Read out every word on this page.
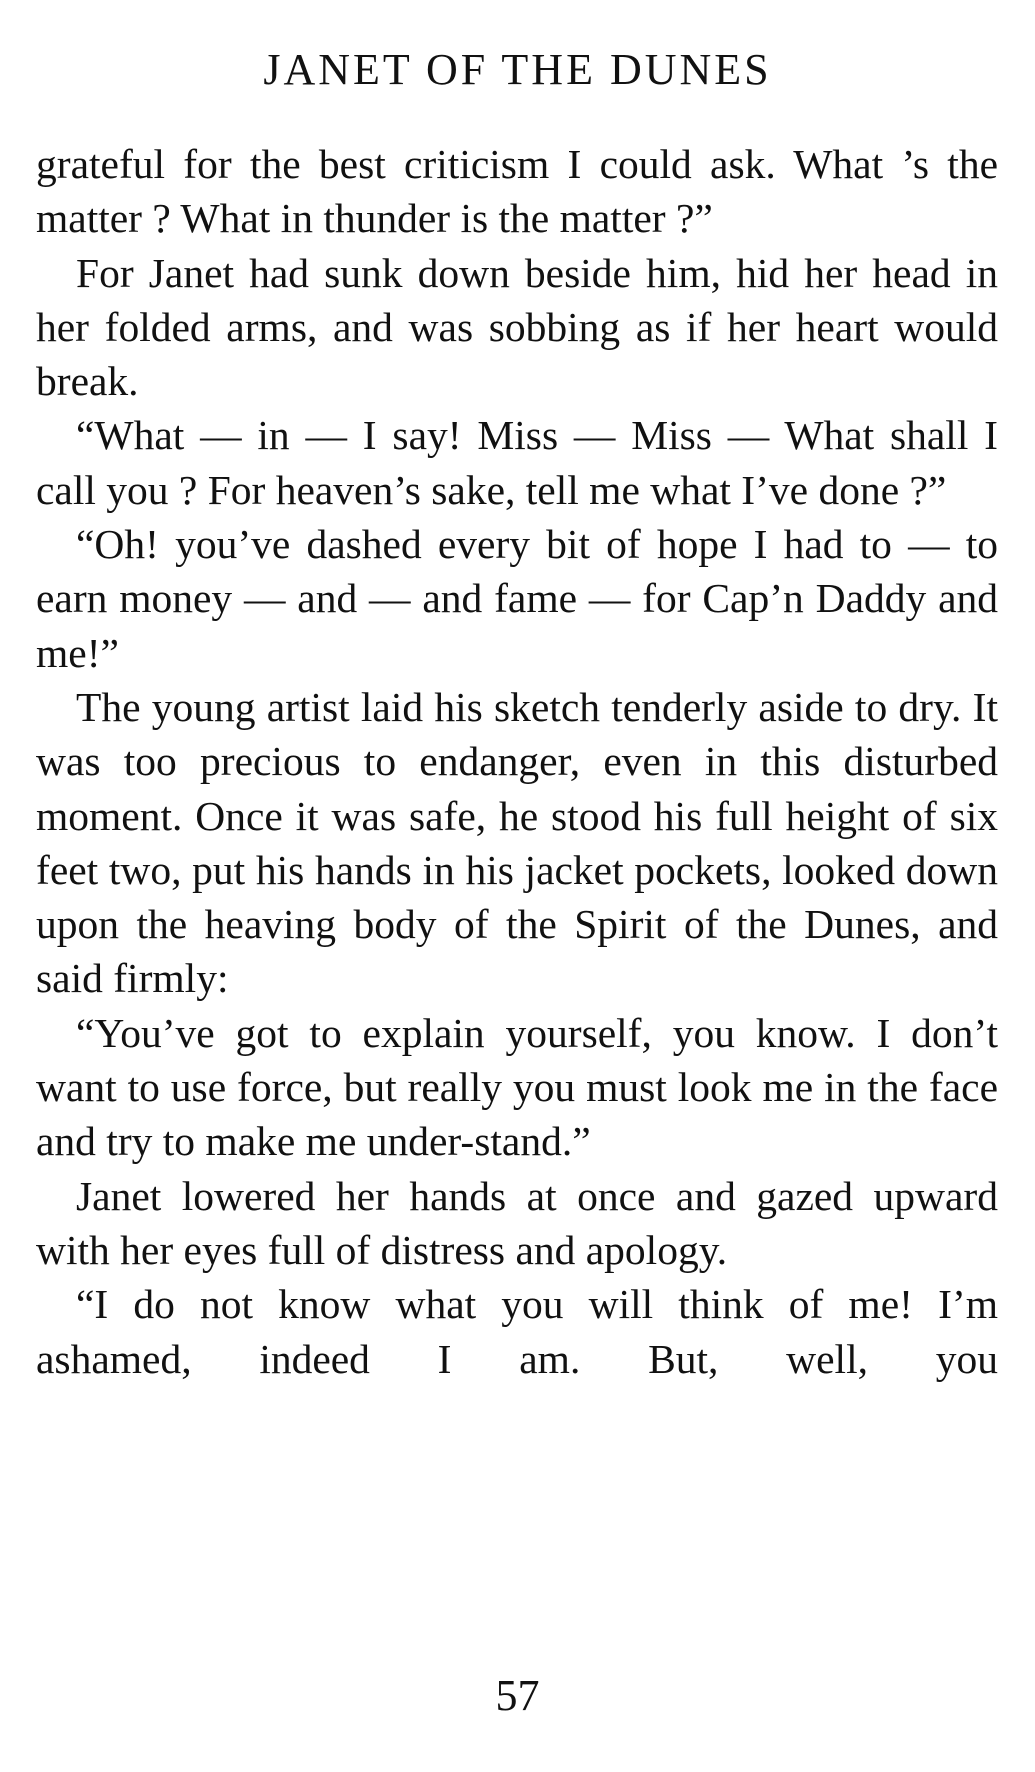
JANET OF THE DUNES

grateful for the best criticism I could ask. What ’s the matter ? What in thunder is the matter ?”

For Janet had sunk down beside him, hid her head in her folded arms, and was sobbing as if her heart would break.

“What — in — I say! Miss — Miss — What shall I call you ? For heaven’s sake, tell me what I’ve done ?”

“Oh! you’ve dashed every bit of hope I had to — to earn money — and — and fame — for Cap’n Daddy and me!”

The young artist laid his sketch tenderly aside to dry. It was too precious to endanger, even in this disturbed moment. Once it was safe, he stood his full height of six feet two, put his hands in his jacket pockets, looked down upon the heaving body of the Spirit of the Dunes, and said firmly:

“You’ve got to explain yourself, you know. I don’t want to use force, but really you must look me in the face and try to make me under-stand.”

Janet lowered her hands at once and gazed upward with her eyes full of distress and apology.

“I do not know what you will think of me! I’m ashamed, indeed I am. But, well, you

57
